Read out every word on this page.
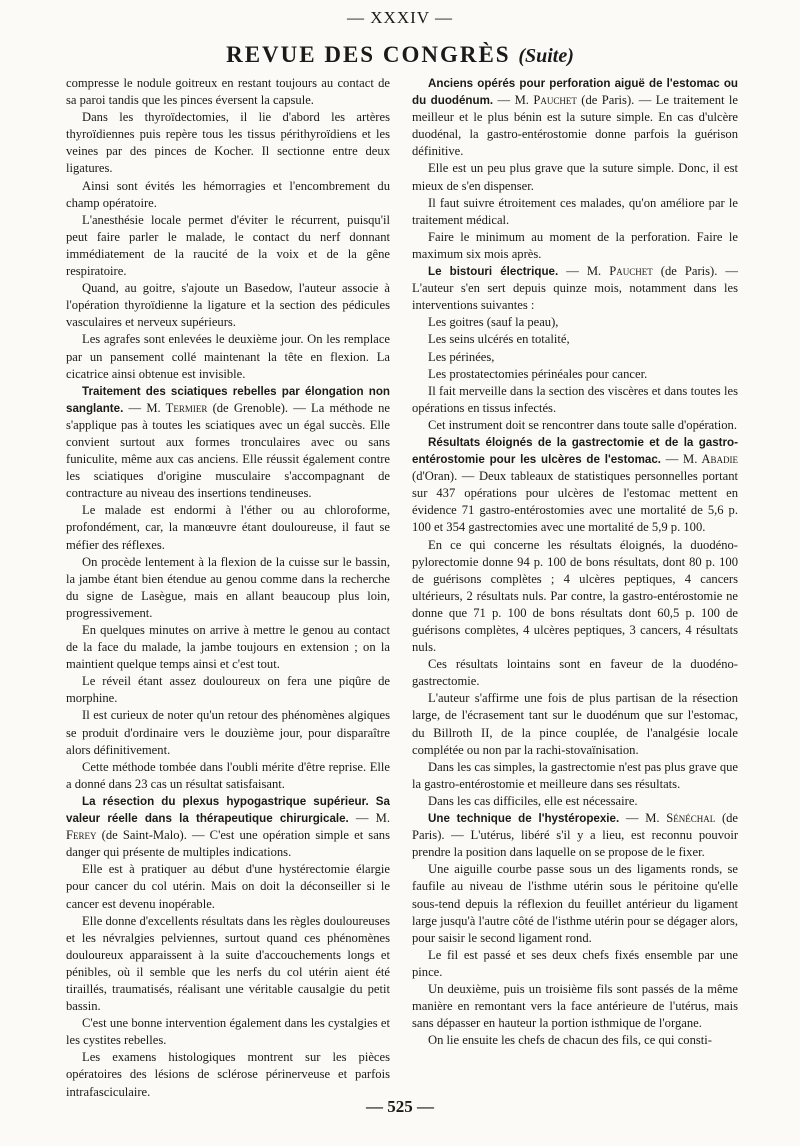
— XXXIV —
REVUE DES CONGRÈS (Suite)

compresse le nodule goitreux en restant toujours au contact de sa paroi tandis que les pinces éversent la capsule.

Dans les thyroïdectomies, il lie d'abord les artères thyroïdiennes puis repère tous les tissus périthyroïdiens et les veines par des pinces de Kocher. Il sectionne entre deux ligatures.

Ainsi sont évités les hémorragies et l'encombrement du champ opératoire.

L'anesthésie locale permet d'éviter le récurrent, puisqu'il peut faire parler le malade, le contact du nerf donnant immédiatement de la raucité de la voix et de la gêne respiratoire.

Quand, au goitre, s'ajoute un Basedow, l'auteur associe à l'opération thyroïdienne la ligature et la section des pédicules vasculaires et nerveux supérieurs.

Les agrafes sont enlevées le deuxième jour. On les remplace par un pansement collé maintenant la tête en flexion. La cicatrice ainsi obtenue est invisible.

Traitement des sciatiques rebelles par élongation non sanglante. — M. Termier (de Grenoble). — La méthode ne s'applique pas à toutes les sciatiques avec un égal succès. Elle convient surtout aux formes tronculaires avec ou sans funiculite, même aux cas anciens. Elle réussit également contre les sciatiques d'origine musculaire s'accompagnant de contracture au niveau des insertions tendineuses.

Le malade est endormi à l'éther ou au chloroforme, profondément, car, la manœuvre étant douloureuse, il faut se méfier des réflexes.

On procède lentement à la flexion de la cuisse sur le bassin, la jambe étant bien étendue au genou comme dans la recherche du signe de Lasègue, mais en allant beaucoup plus loin, progressivement.

En quelques minutes on arrive à mettre le genou au contact de la face du malade, la jambe toujours en extension ; on la maintient quelque temps ainsi et c'est tout.

Le réveil étant assez douloureux on fera une piqûre de morphine.

Il est curieux de noter qu'un retour des phénomènes algiques se produit d'ordinaire vers le douzième jour, pour disparaître alors définitivement.

Cette méthode tombée dans l'oubli mérite d'être reprise. Elle a donné dans 23 cas un résultat satisfaisant.

La résection du plexus hypogastrique supérieur. Sa valeur réelle dans la thérapeutique chirurgicale. — M. Ferey (de Saint-Malo). — C'est une opération simple et sans danger qui présente de multiples indications.

Elle est à pratiquer au début d'une hystérectomie élargie pour cancer du col utérin. Mais on doit la déconseiller si le cancer est devenu inopérable.

Elle donne d'excellents résultats dans les règles douloureuses et les névralgies pelviennes, surtout quand ces phénomènes douloureux apparaissent à la suite d'accouchements longs et pénibles, où il semble que les nerfs du col utérin aient été tiraillés, traumatisés, réalisant une véritable causalgie du petit bassin.

C'est une bonne intervention également dans les cystalgies et les cystites rebelles.

Les examens histologiques montrent sur les pièces opératoires des lésions de sclérose périnerveuse et parfois intrafasciculaire.

Anciens opérés pour perforation aiguë de l'estomac ou du duodénum. — M. Pauchet (de Paris). — Le traitement le meilleur et le plus bénin est la suture simple. En cas d'ulcère duodénal, la gastro-entérostomie donne parfois la guérison définitive.

Elle est un peu plus grave que la suture simple. Donc, il est mieux de s'en dispenser.

Il faut suivre étroitement ces malades, qu'on améliore par le traitement médical.

Faire le minimum au moment de la perforation. Faire le maximum six mois après.

Le bistouri électrique. — M. Pauchet (de Paris). — L'auteur s'en sert depuis quinze mois, notamment dans les interventions suivantes :

Les goitres (sauf la peau),

Les seins ulcérés en totalité,

Les périnées,

Les prostatectomies périnéales pour cancer.

Il fait merveille dans la section des viscères et dans toutes les opérations en tissus infectés.

Cet instrument doit se rencontrer dans toute salle d'opération.

Résultats éloignés de la gastrectomie et de la gastro-entérostomie pour les ulcères de l'estomac. — M. Abadie (d'Oran). — Deux tableaux de statistiques personnelles portant sur 437 opérations pour ulcères de l'estomac mettent en évidence 71 gastro-entérostomies avec une mortalité de 5,6 p. 100 et 354 gastrectomies avec une mortalité de 5,9 p. 100.

En ce qui concerne les résultats éloignés, la duodéno-pylorectomie donne 94 p. 100 de bons résultats, dont 80 p. 100 de guérisons complètes ; 4 ulcères peptiques, 4 cancers ultérieurs, 2 résultats nuls. Par contre, la gastro-entérostomie ne donne que 71 p. 100 de bons résultats dont 60,5 p. 100 de guérisons complètes, 4 ulcères peptiques, 3 cancers, 4 résultats nuls.

Ces résultats lointains sont en faveur de la duodéno-gastrectomie.

L'auteur s'affirme une fois de plus partisan de la résection large, de l'écrasement tant sur le duodénum que sur l'estomac, du Billroth II, de la pince couplée, de l'analgésie locale complétée ou non par la rachi-stovaïnisation.

Dans les cas simples, la gastrectomie n'est pas plus grave que la gastro-entérostomie et meilleure dans ses résultats.

Dans les cas difficiles, elle est nécessaire.

Une technique de l'hystéropexie. — M. Sénéchal (de Paris). — L'utérus, libéré s'il y a lieu, est reconnu pouvoir prendre la position dans laquelle on se propose de le fixer.

Une aiguille courbe passe sous un des ligaments ronds, se faufile au niveau de l'isthme utérin sous le péritoine qu'elle sous-tend depuis la réflexion du feuillet antérieur du ligament large jusqu'à l'autre côté de l'isthme utérin pour se dégager alors, pour saisir le second ligament rond.

Le fil est passé et ses deux chefs fixés ensemble par une pince.

Un deuxième, puis un troisième fils sont passés de la même manière en remontant vers la face antérieure de l'utérus, mais sans dépasser en hauteur la portion isthmique de l'organe.

On lie ensuite les chefs de chacun des fils, ce qui consti-

— 525 —
